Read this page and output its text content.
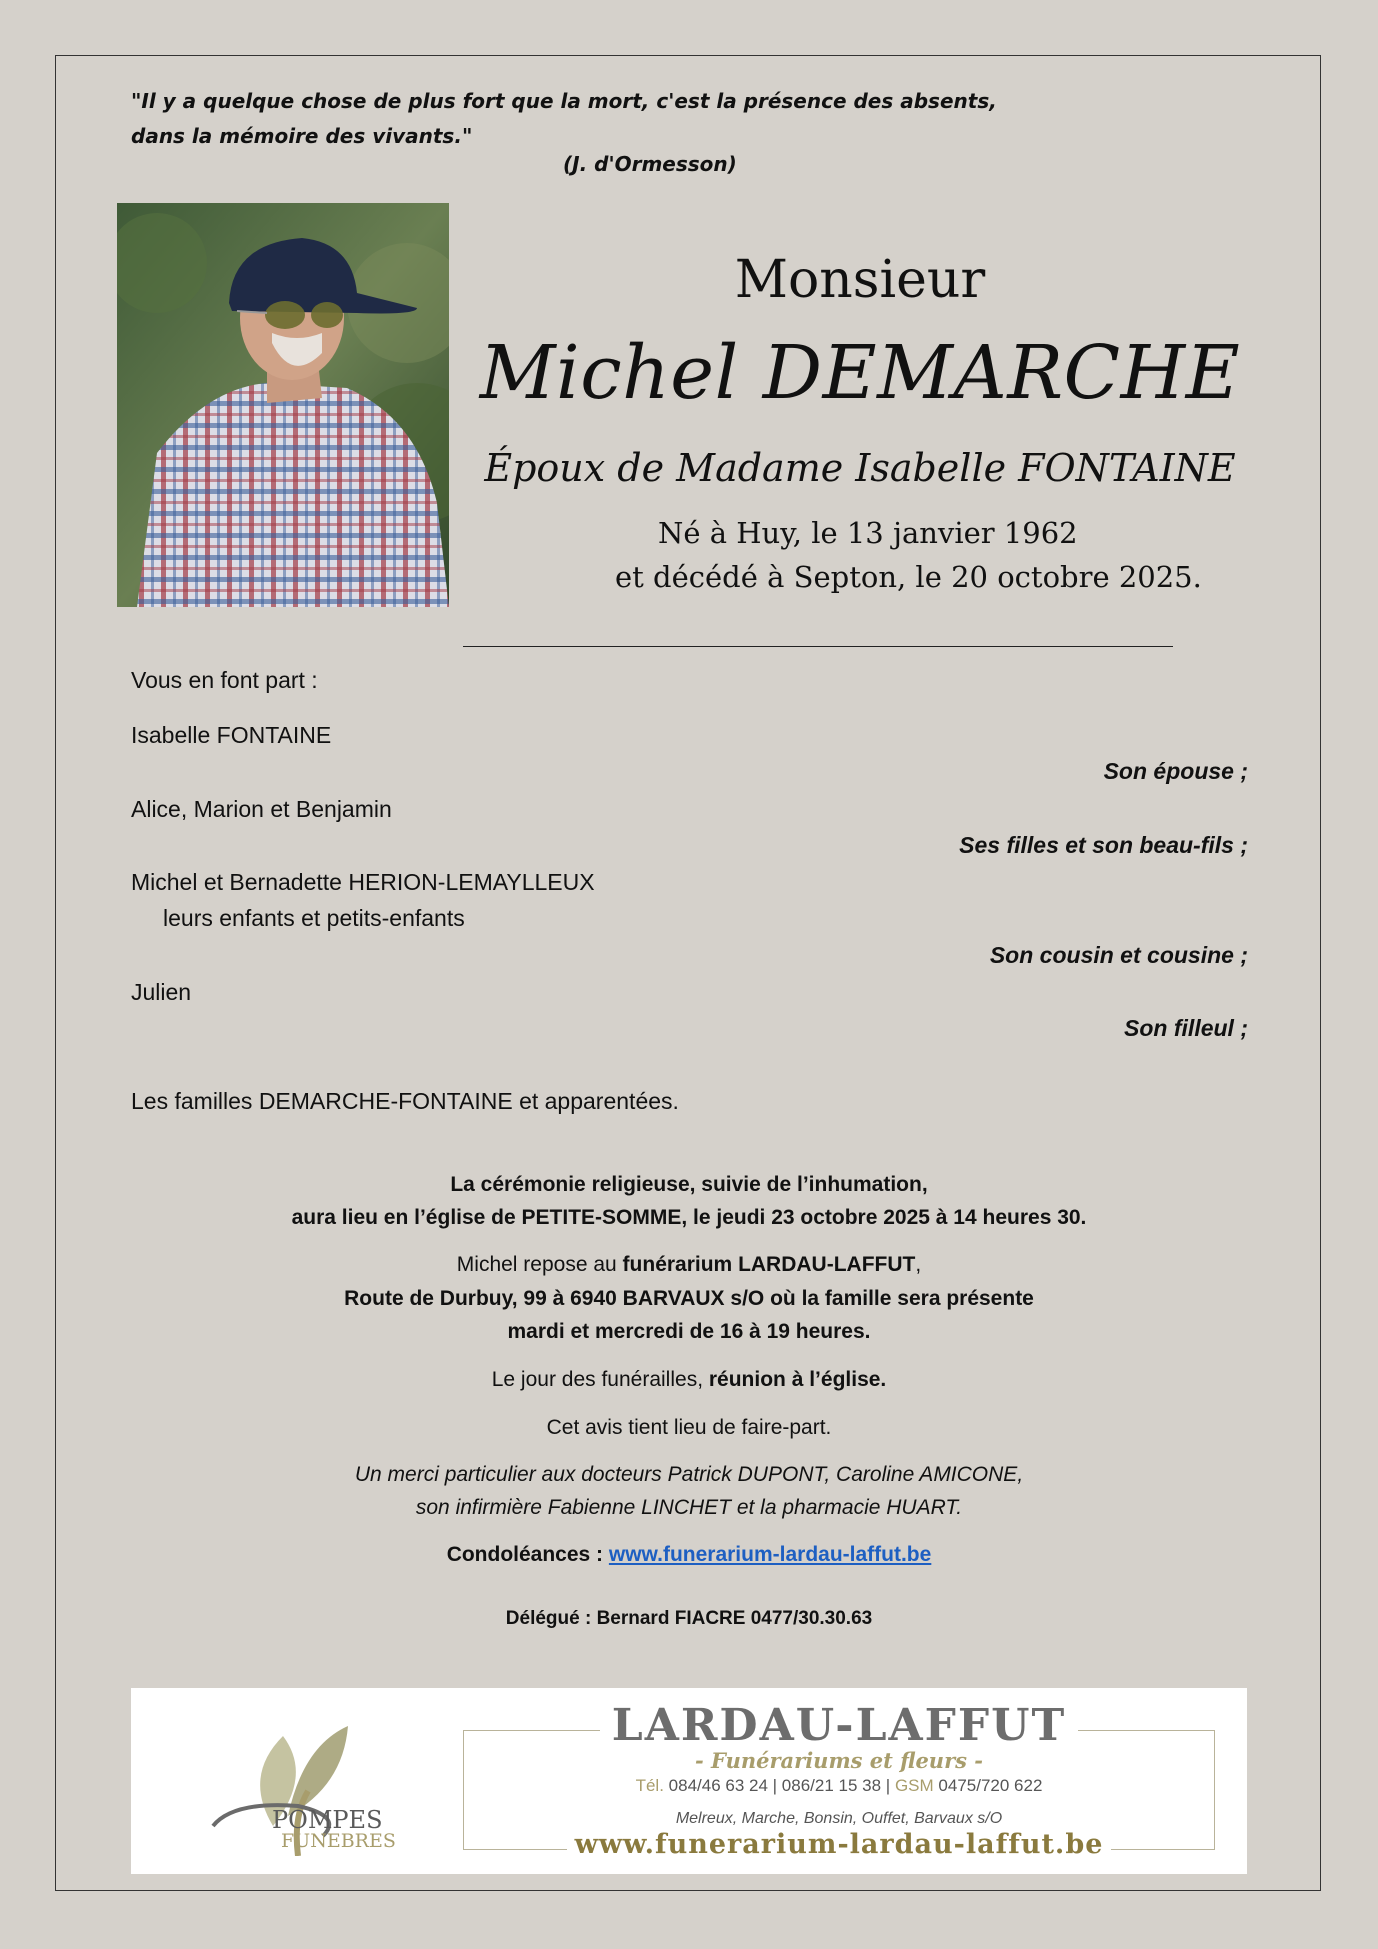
"Il y a quelque chose de plus fort que la mort, c'est la présence des absents,
dans la mémoire des vivants."
(J. d'Ormesson)
Monsieur
Michel DEMARCHE
Époux de Madame Isabelle FONTAINE
Né à Huy, le 13 janvier 1962
et décédé à Septon, le 20 octobre 2025.
Vous en font part :
Isabelle FONTAINE
Son épouse ;
Alice, Marion et Benjamin
Ses filles et son beau-fils ;
Michel et Bernadette HERION-LEMAYLLEUX
leurs enfants et petits-enfants
Son cousin et cousine ;
Julien
Son filleul ;
Les familles DEMARCHE-FONTAINE et apparentées.
La cérémonie religieuse, suivie de l’inhumation,
aura lieu en l’église de PETITE-SOMME, le jeudi 23 octobre 2025 à 14 heures 30.
Michel repose au funérarium LARDAU-LAFFUT,
Route de Durbuy, 99 à 6940 BARVAUX s/O où la famille sera présente
mardi et mercredi de 16 à 19 heures.
Le jour des funérailles, réunion à l’église.
Cet avis tient lieu de faire-part.
Un merci particulier aux docteurs Patrick DUPONT, Caroline AMICONE,
son infirmière Fabienne LINCHET et la pharmacie HUART.
Condoléances : www.funerarium-lardau-laffut.be
Délégué : Bernard FIACRE 0477/30.30.63
POMPES
FUNEBRES
LARDAU-LAFFUT
- Funérariums et fleurs -
Tél. 084/46 63 24 | 086/21 15 38 | GSM 0475/720 622
Melreux, Marche, Bonsin, Ouffet, Barvaux s/O
www.funerarium-lardau-laffut.be
